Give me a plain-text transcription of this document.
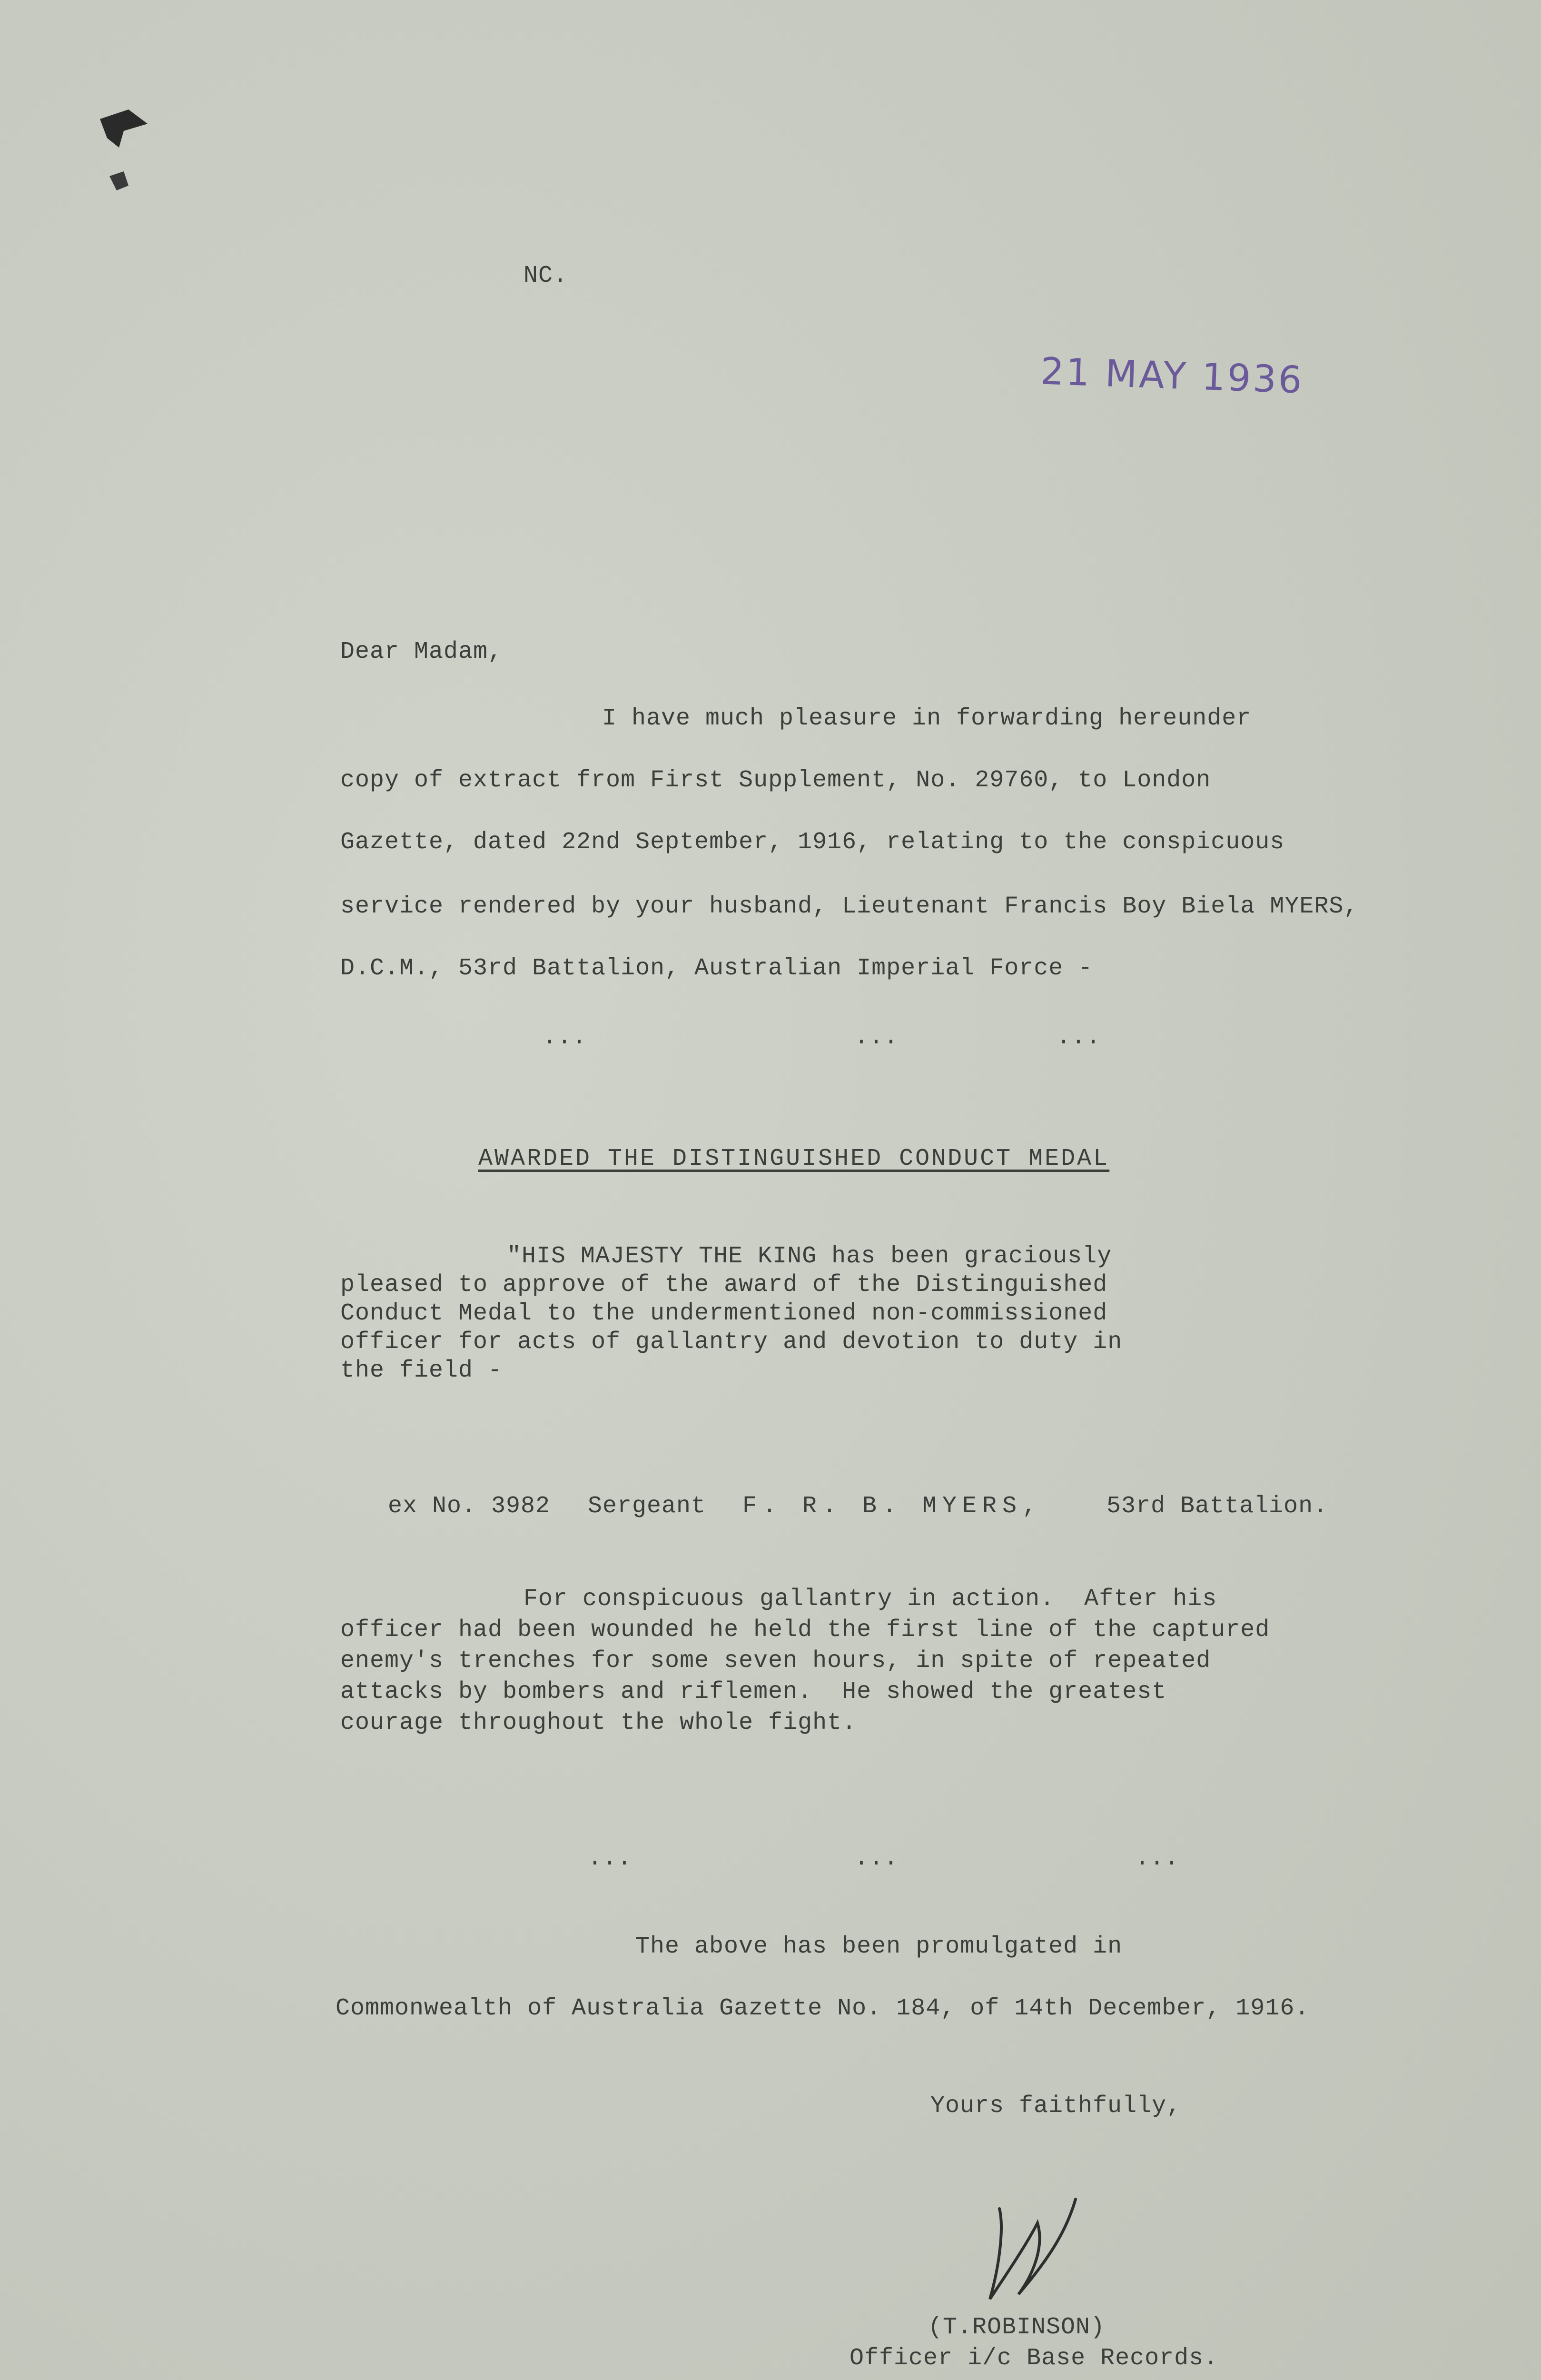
NC.
21 MAY 1936
Dear Madam,
I have much pleasure in forwarding hereunder
copy of extract from First Supplement, No. 29760, to London
Gazette, dated 22nd September, 1916, relating to the conspicuous
service rendered by your husband, Lieutenant Francis Boy Biela MYERS,
D.C.M., 53rd Battalion, Australian Imperial Force -
...	...	...
AWARDED THE DISTINGUISHED CONDUCT MEDAL
"HIS MAJESTY THE KING has been graciously
pleased to approve of the award of the Distinguished
Conduct Medal to the undermentioned non-commissioned
officer for acts of gallantry and devotion to duty in
the field -
ex No. 3982 Sergeant F. R. B. MYERS,	53rd Battalion.
For conspicuous gallantry in action.  After his
officer had been wounded he held the first line of the captured
enemy's trenches for some seven hours, in spite of repeated
attacks by bombers and riflemen.  He showed the greatest
courage throughout the whole fight.
...	...	...
The above has been promulgated in
Commonwealth of Australia Gazette No. 184, of 14th December, 1916.
Yours faithfully,
(T.ROBINSON)
Officer i/c Base Records.
